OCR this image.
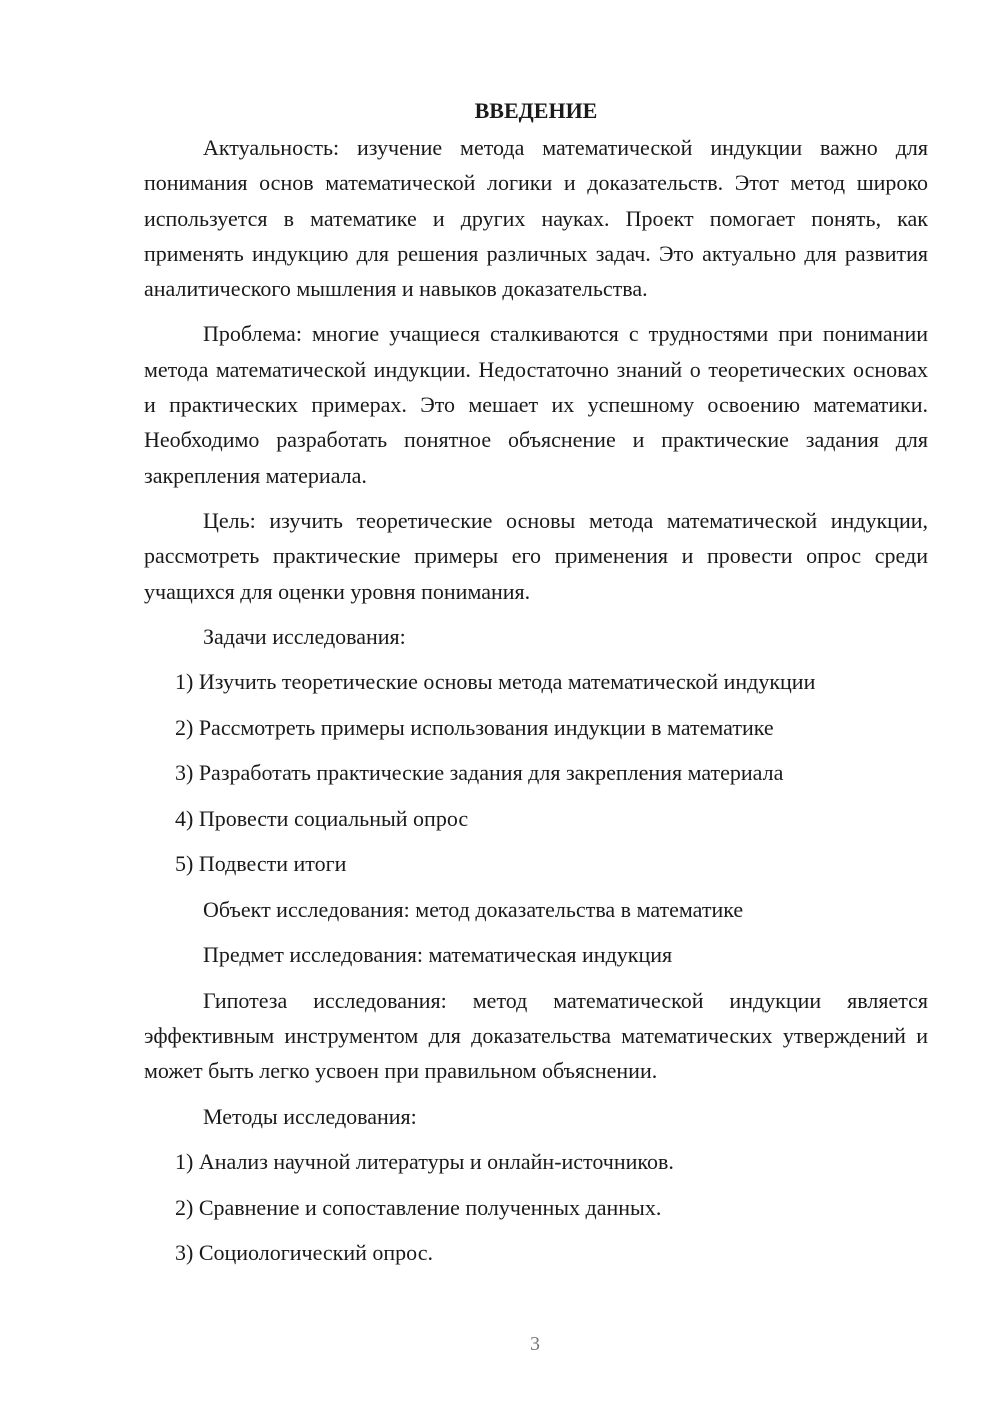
ВВЕДЕНИЕ

Актуальность: изучение метода математической индукции важно для понимания основ математической логики и доказательств. Этот метод широко используется в математике и других науках. Проект помогает понять, как применять индукцию для решения различных задач. Это актуально для развития аналитического мышления и навыков доказательства.

Проблема: многие учащиеся сталкиваются с трудностями при понимании метода математической индукции. Недостаточно знаний о теоретических основах и практических примерах. Это мешает их успешному освоению математики. Необходимо разработать понятное объяснение и практические задания для закрепления материала.

Цель: изучить теоретические основы метода математической индукции, рассмотреть практические примеры его применения и провести опрос среди учащихся для оценки уровня понимания.

Задачи исследования:
1) Изучить теоретические основы метода математической индукции
2) Рассмотреть примеры использования индукции в математике
3) Разработать практические задания для закрепления материала
4) Провести социальный опрос
5) Подвести итоги
Объект исследования: метод доказательства в математике
Предмет исследования: математическая индукция

Гипотеза исследования: метод математической индукции является эффективным инструментом для доказательства математических утверждений и может быть легко усвоен при правильном объяснении.

Методы исследования:
1) Анализ научной литературы и онлайн-источников.
2) Сравнение и сопоставление полученных данных.
3) Социологический опрос.
3
